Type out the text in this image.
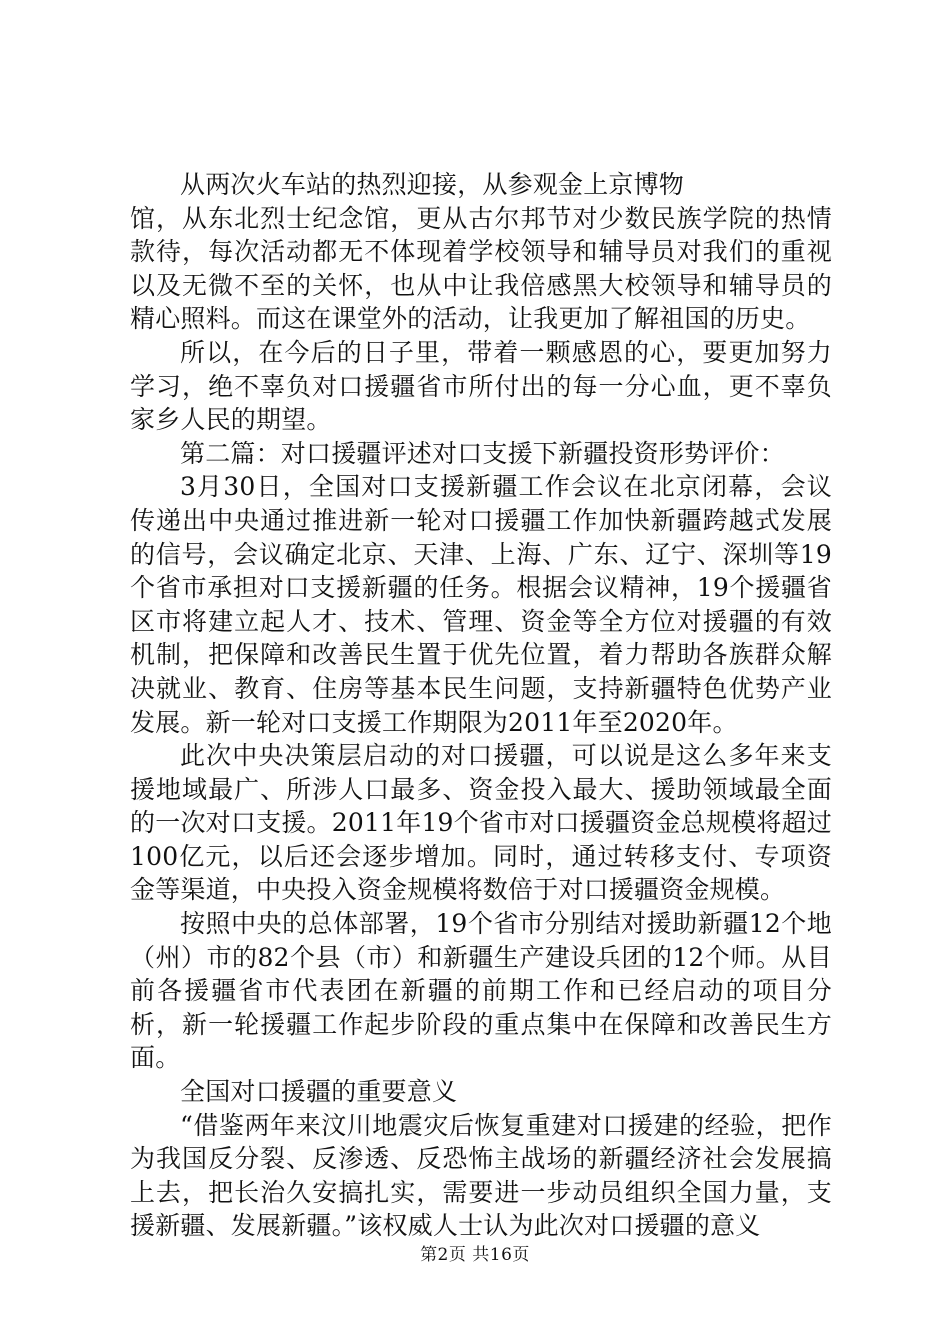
从两次火车站的热烈迎接，从参观金上京博物

馆，从东北烈士纪念馆，更从古尔邦节对少数民族学院的热情款待，每次活动都无不体现着学校领导和辅导员对我们的重视以及无微不至的关怀，也从中让我倍感黑大校领导和辅导员的精心照料。而这在课堂外的活动，让我更加了解祖国的历史。

所以，在今后的日子里，带着一颗感恩的心，要更加努力学习，绝不辜负对口援疆省市所付出的每一分心血，更不辜负家乡人民的期望。

第二篇：对口援疆评述对口支援下新疆投资形势评价：

3月30日，全国对口支援新疆工作会议在北京闭幕，会议传递出中央通过推进新一轮对口援疆工作加快新疆跨越式发展的信号，会议确定北京、天津、上海、广东、辽宁、深圳等19个省市承担对口支援新疆的任务。根据会议精神，19个援疆省区市将建立起人才、技术、管理、资金等全方位对援疆的有效机制，把保障和改善民生置于优先位置，着力帮助各族群众解决就业、教育、住房等基本民生问题，支持新疆特色优势产业发展。新一轮对口支援工作期限为2011年至2020年。

此次中央决策层启动的对口援疆，可以说是这么多年来支援地域最广、所涉人口最多、资金投入最大、援助领域最全面的一次对口支援。2011年19个省市对口援疆资金总规模将超过100亿元，以后还会逐步增加。同时，通过转移支付、专项资金等渠道，中央投入资金规模将数倍于对口援疆资金规模。

按照中央的总体部署，19个省市分别结对援助新疆12个地（州）市的82个县（市）和新疆生产建设兵团的12个师。从目前各援疆省市代表团在新疆的前期工作和已经启动的项目分析，新一轮援疆工作起步阶段的重点集中在保障和改善民生方面。

全国对口援疆的重要意义

“借鉴两年来汶川地震灾后恢复重建对口援建的经验，把作为我国反分裂、反渗透、反恐怖主战场的新疆经济社会发展搞上去，把长治久安搞扎实，需要进一步动员组织全国力量，支援新疆、发展新疆。”该权威人士认为此次对口援疆的意义

第2页 共16页
